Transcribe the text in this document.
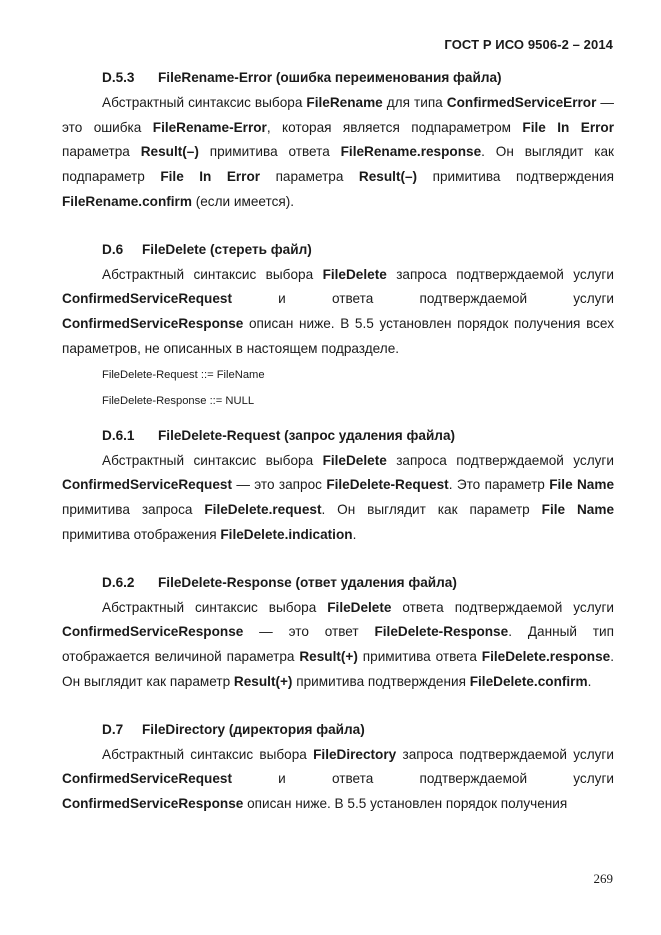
ГОСТ Р ИСО 9506-2 – 2014

D.5.3 FileRename-Error (ошибка переименования файла)

Абстрактный синтаксис выбора FileRename для типа ConfirmedServiceError — это ошибка FileRename-Error, которая является подпараметром File In Error параметра Result(–) примитива ответа FileRename.response. Он выглядит как подпараметр File In Error параметра Result(–) примитива подтверждения FileRename.confirm (если имеется).

D.6 FileDelete (стереть файл)

Абстрактный синтаксис выбора FileDelete запроса подтверждаемой услуги ConfirmedServiceRequest и ответа подтверждаемой услуги ConfirmedServiceResponse описан ниже. В 5.5 установлен порядок получения всех параметров, не описанных в настоящем подразделе.

FileDelete-Request ::= FileName

FileDelete-Response ::= NULL

D.6.1 FileDelete-Request (запрос удаления файла)

Абстрактный синтаксис выбора FileDelete запроса подтверждаемой услуги ConfirmedServiceRequest — это запрос FileDelete-Request. Это параметр File Name примитива запроса FileDelete.request. Он выглядит как параметр File Name примитива отображения FileDelete.indication.

D.6.2 FileDelete-Response (ответ удаления файла)

Абстрактный синтаксис выбора FileDelete ответа подтверждаемой услуги ConfirmedServiceResponse — это ответ FileDelete-Response. Данный тип отображается величиной параметра Result(+) примитива ответа FileDelete.response. Он выглядит как параметр Result(+) примитива подтверждения FileDelete.confirm.

D.7 FileDirectory (директория файла)

Абстрактный синтаксис выбора FileDirectory запроса подтверждаемой услуги ConfirmedServiceRequest и ответа подтверждаемой услуги ConfirmedServiceResponse описан ниже. В 5.5 установлен порядок получения

269
